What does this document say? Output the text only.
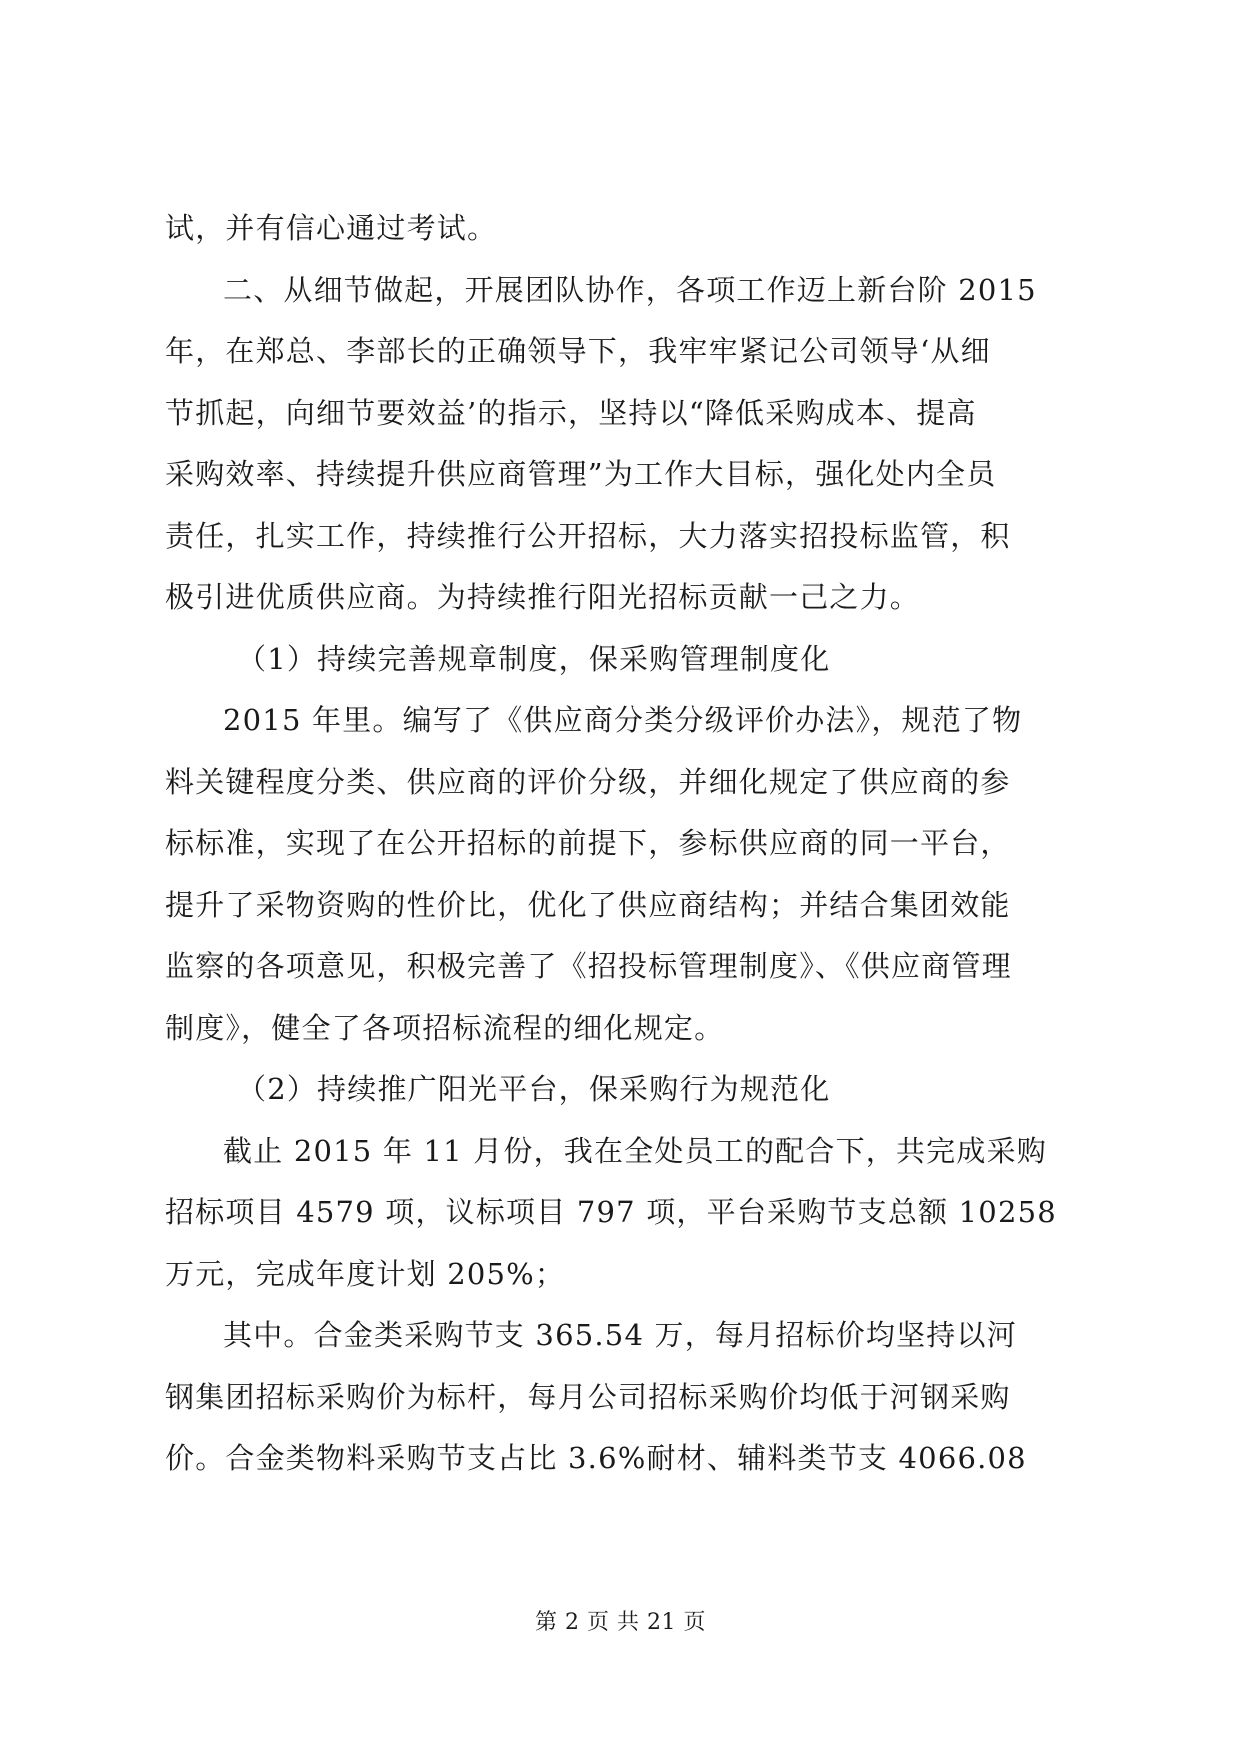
试，并有信心通过考试。
二、从细节做起，开展团队协作，各项工作迈上新台阶 2015
年，在郑总、李部长的正确领导下，我牢牢紧记公司领导‘从细
节抓起，向细节要效益’的指示，坚持以“降低采购成本、提高
采购效率、持续提升供应商管理”为工作大目标，强化处内全员
责任，扎实工作，持续推行公开招标，大力落实招投标监管，积
极引进优质供应商。为持续推行阳光招标贡献一己之力。
（1）持续完善规章制度，保采购管理制度化
2015 年里。编写了《供应商分类分级评价办法》，规范了物
料关键程度分类、供应商的评价分级，并细化规定了供应商的参
标标准，实现了在公开招标的前提下，参标供应商的同一平台，
提升了采物资购的性价比，优化了供应商结构；并结合集团效能
监察的各项意见，积极完善了《招投标管理制度》、《供应商管理
制度》，健全了各项招标流程的细化规定。
（2）持续推广阳光平台，保采购行为规范化
截止 2015 年 11 月份，我在全处员工的配合下，共完成采购
招标项目 4579 项，议标项目 797 项，平台采购节支总额 10258
万元，完成年度计划 205%；
其中。合金类采购节支 365.54 万，每月招标价均坚持以河
钢集团招标采购价为标杆，每月公司招标采购价均低于河钢采购
价。合金类物料采购节支占比 3.6%耐材、辅料类节支 4066.08
第 2 页 共 21 页
